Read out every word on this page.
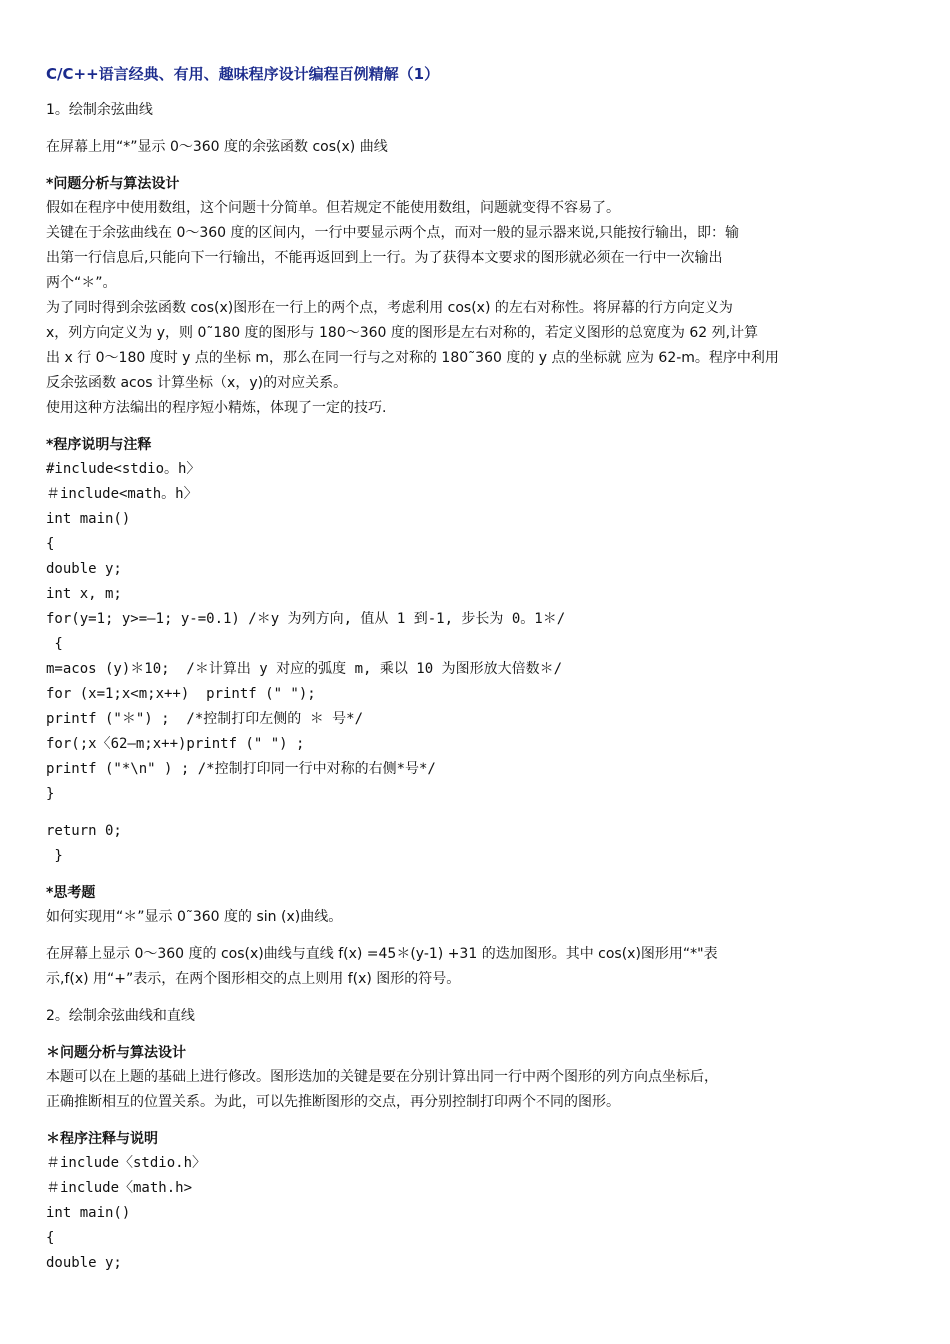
C/C++语言经典、有用、趣味程序设计编程百例精解（1）

1。绘制余弦曲线

在屏幕上用“*”显示 0～360 度的余弦函数 cos(x) 曲线

*问题分析与算法设计

假如在程序中使用数组，这个问题十分简单。但若规定不能使用数组，问题就变得不容易了。

关键在于余弦曲线在 0～360 度的区间内，一行中要显示两个点，而对一般的显示器来说,只能按行输出，即：输

出第一行信息后,只能向下一行输出，不能再返回到上一行。为了获得本文要求的图形就必须在一行中一次输出

两个“＊”。

为了同时得到余弦函数 cos(x)图形在一行上的两个点，考虑利用 cos(x) 的左右对称性。将屏幕的行方向定义为

x，列方向定义为 y，则 0˜180 度的图形与 180～360 度的图形是左右对称的，若定义图形的总宽度为 62 列,计算

出 x 行 0～180 度时 y 点的坐标 m，那么在同一行与之对称的 180˜360 度的 y 点的坐标就 应为 62-m。程序中利用

反余弦函数 acos 计算坐标（x，y)的对应关系。

使用这种方法编出的程序短小精炼，体现了一定的技巧.

*程序说明与注释

#include<stdio。h〉

＃include<math。h〉

int main()

{

double y;

int x, m;

for(y=1; y>=—1; y-=0.1) /＊y 为列方向, 值从 1 到-1, 步长为 0。1＊/

{

m=acos (y)＊10;  /＊计算出 y 对应的弧度 m, 乘以 10 为图形放大倍数＊/

for (x=1;x<m;x++)  printf (" ");

printf ("＊") ;  /*控制打印左侧的 ＊ 号*/

for(;x〈62—m;x++)printf (" ") ;

printf ("*\n" ) ; /*控制打印同一行中对称的右侧*号*/

}

return 0;

}

*思考题

如何实现用“＊”显示 0˜360 度的 sin (x)曲线。

在屏幕上显示 0～360 度的 cos(x)曲线与直线 f(x) =45＊(y-1) +31 的迭加图形。其中 cos(x)图形用“*"表

示,f(x) 用“+”表示，在两个图形相交的点上则用 f(x) 图形的符号。

2。绘制余弦曲线和直线

＊问题分析与算法设计

本题可以在上题的基础上进行修改。图形迭加的关键是要在分别计算出同一行中两个图形的列方向点坐标后，

正确推断相互的位置关系。为此，可以先推断图形的交点，再分别控制打印两个不同的图形。

＊程序注释与说明

＃include〈stdio.h〉

＃include〈math.h>

int main()

{

double y;
